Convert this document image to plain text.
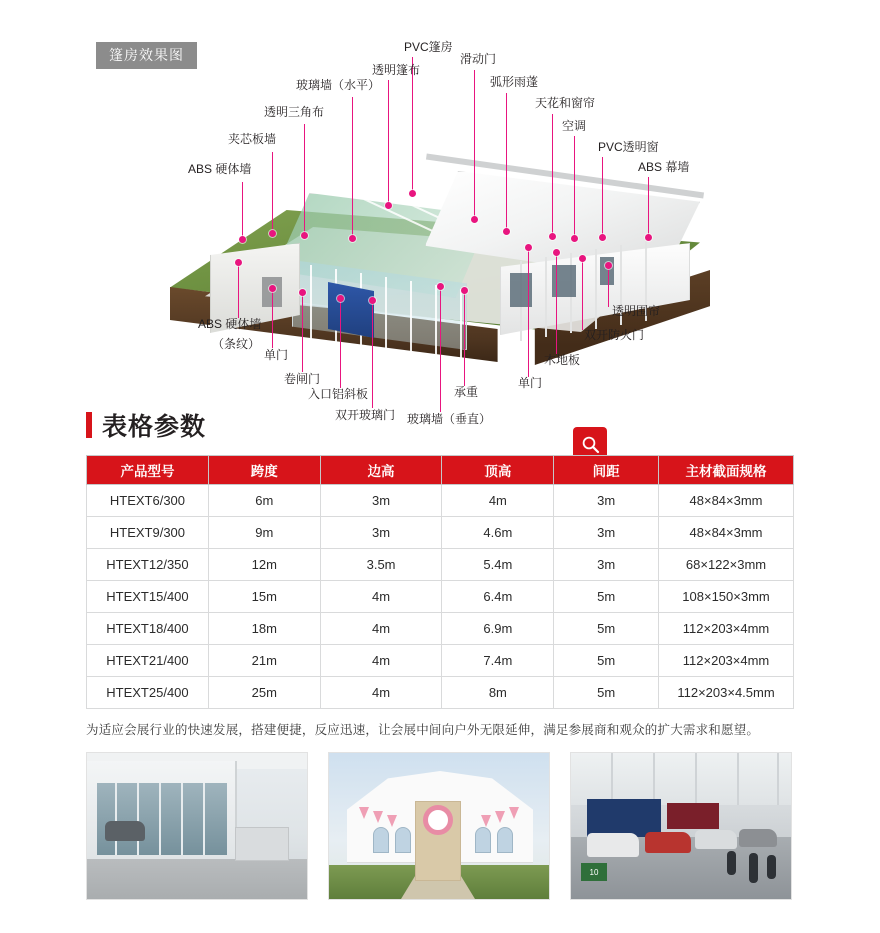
篷房效果图
ABS 硬体墙
夹芯板墙
透明三角布
玻璃墙（水平）
透明篷布
PVC篷房
滑动门
弧形雨蓬
天花和窗帘
空调
PVC透明窗
ABS 幕墙
透明围帘
双开防火门
木地板
单门
承重
玻璃墙（垂直）
双开玻璃门
入口铝斜板
卷闸门
单门
ABS 硬体墙
（条纹）
表格参数
产品型号	跨度	边高	顶高	间距	主材截面规格
HTEXT6/300	6m	3m	4m	3m	48×84×3mm
HTEXT9/300	9m	3m	4.6m	3m	48×84×3mm
HTEXT12/350	12m	3.5m	5.4m	3m	68×122×3mm
HTEXT15/400	15m	4m	6.4m	5m	108×150×3mm
HTEXT18/400	18m	4m	6.9m	5m	112×203×4mm
HTEXT21/400	21m	4m	7.4m	5m	112×203×4mm
HTEXT25/400	25m	4m	8m	5m	112×203×4.5mm
为适应会展行业的快速发展，搭建便捷，反应迅速，让会展中间向户外无限延伸，满足参展商和观众的扩大需求和愿望。
10
